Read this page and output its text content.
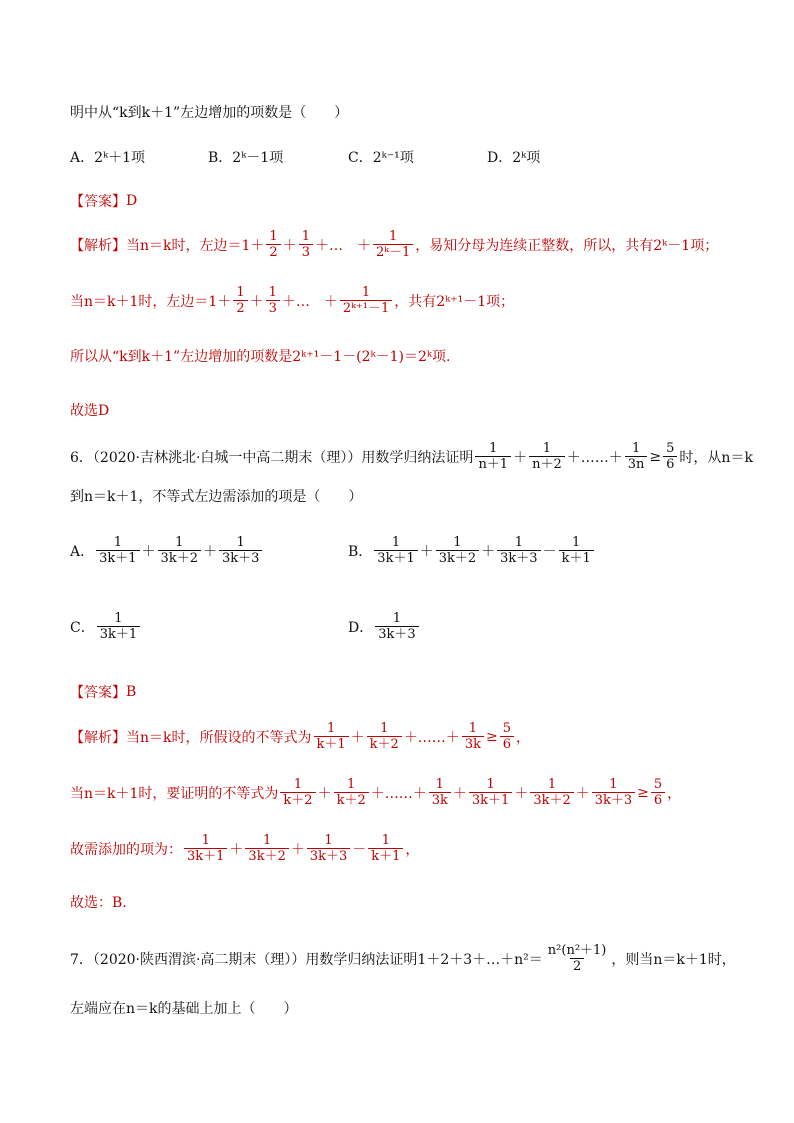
明中从“k到k＋1”左边增加的项数是（　　）
A．2ᵏ＋1项	B．2ᵏ－1项	C．2ᵏ⁻¹项	D．2ᵏ项
【答案】 D
【解析】 当n＝k时，左边$=1+ \frac{1}{2} + \frac{1}{3}$ ＋…　＋ $\frac{1}{\text{2ᵏ－1}}$ ，易知分母为连续正整数，所以，共有2ᵏ－1项；
当n＝k＋1时，左边$=1+ \frac{1}{2} + \frac{1}{3}$ ＋…　＋ $\frac{1}{\text{2ᵏ⁺¹－1}}$ ，共有2ᵏ⁺¹－1项；
所以从“k到k＋1”左边增加的项数是2ᵏ⁺¹－1－(2ᵏ－1)＝2ᵏ项.
故选D
6．（2020·吉林洮北·白城一中高二期末（理））用数学归纳法证明 $\frac{1}{n+1} + \frac{1}{n+2}$ ＋……＋ $\frac{1}{3n} \ge \frac{5}{6}$ 时，从n＝k
到n＝k＋1，不等式左边需添加的项是（　　）
A． $\frac{1}{3k+1} + \frac{1}{3k+2} + \frac{1}{3k+3}$	B． $\frac{1}{3k+1} + \frac{1}{3k+2} + \frac{1}{3k+3} - \frac{1}{k+1}$
C． $\frac{1}{3k+1}$	D． $\frac{1}{3k+3}$
【答案】 B
【解析】 当n＝k时，所假设的不等式为 $\frac{1}{k+1} + \frac{1}{k+2}$ ＋……＋ $\frac{1}{3k} \ge \frac{5}{6}$ ，
当n＝k＋1时，要证明的不等式为 $\frac{1}{k+2} + \frac{1}{k+2}$ ＋……＋ $\frac{1}{3k} + \frac{1}{3k+1} + \frac{1}{3k+2} + \frac{1}{3k+3} \ge \frac{5}{6}$ ，
故需添加的项为： $\frac{1}{3k+1} + \frac{1}{3k+2} + \frac{1}{3k+3} - \frac{1}{k+1}$ ，
故选：B.
7．（2020·陕西渭滨·高二期末（理））用数学归纳法证明1＋2＋3＋…＋n²＝ $\frac{\text{n²(n²＋1)}}{2}$ ，则当n＝k＋1时，
左端应在n＝k的基础上加上（　　）
